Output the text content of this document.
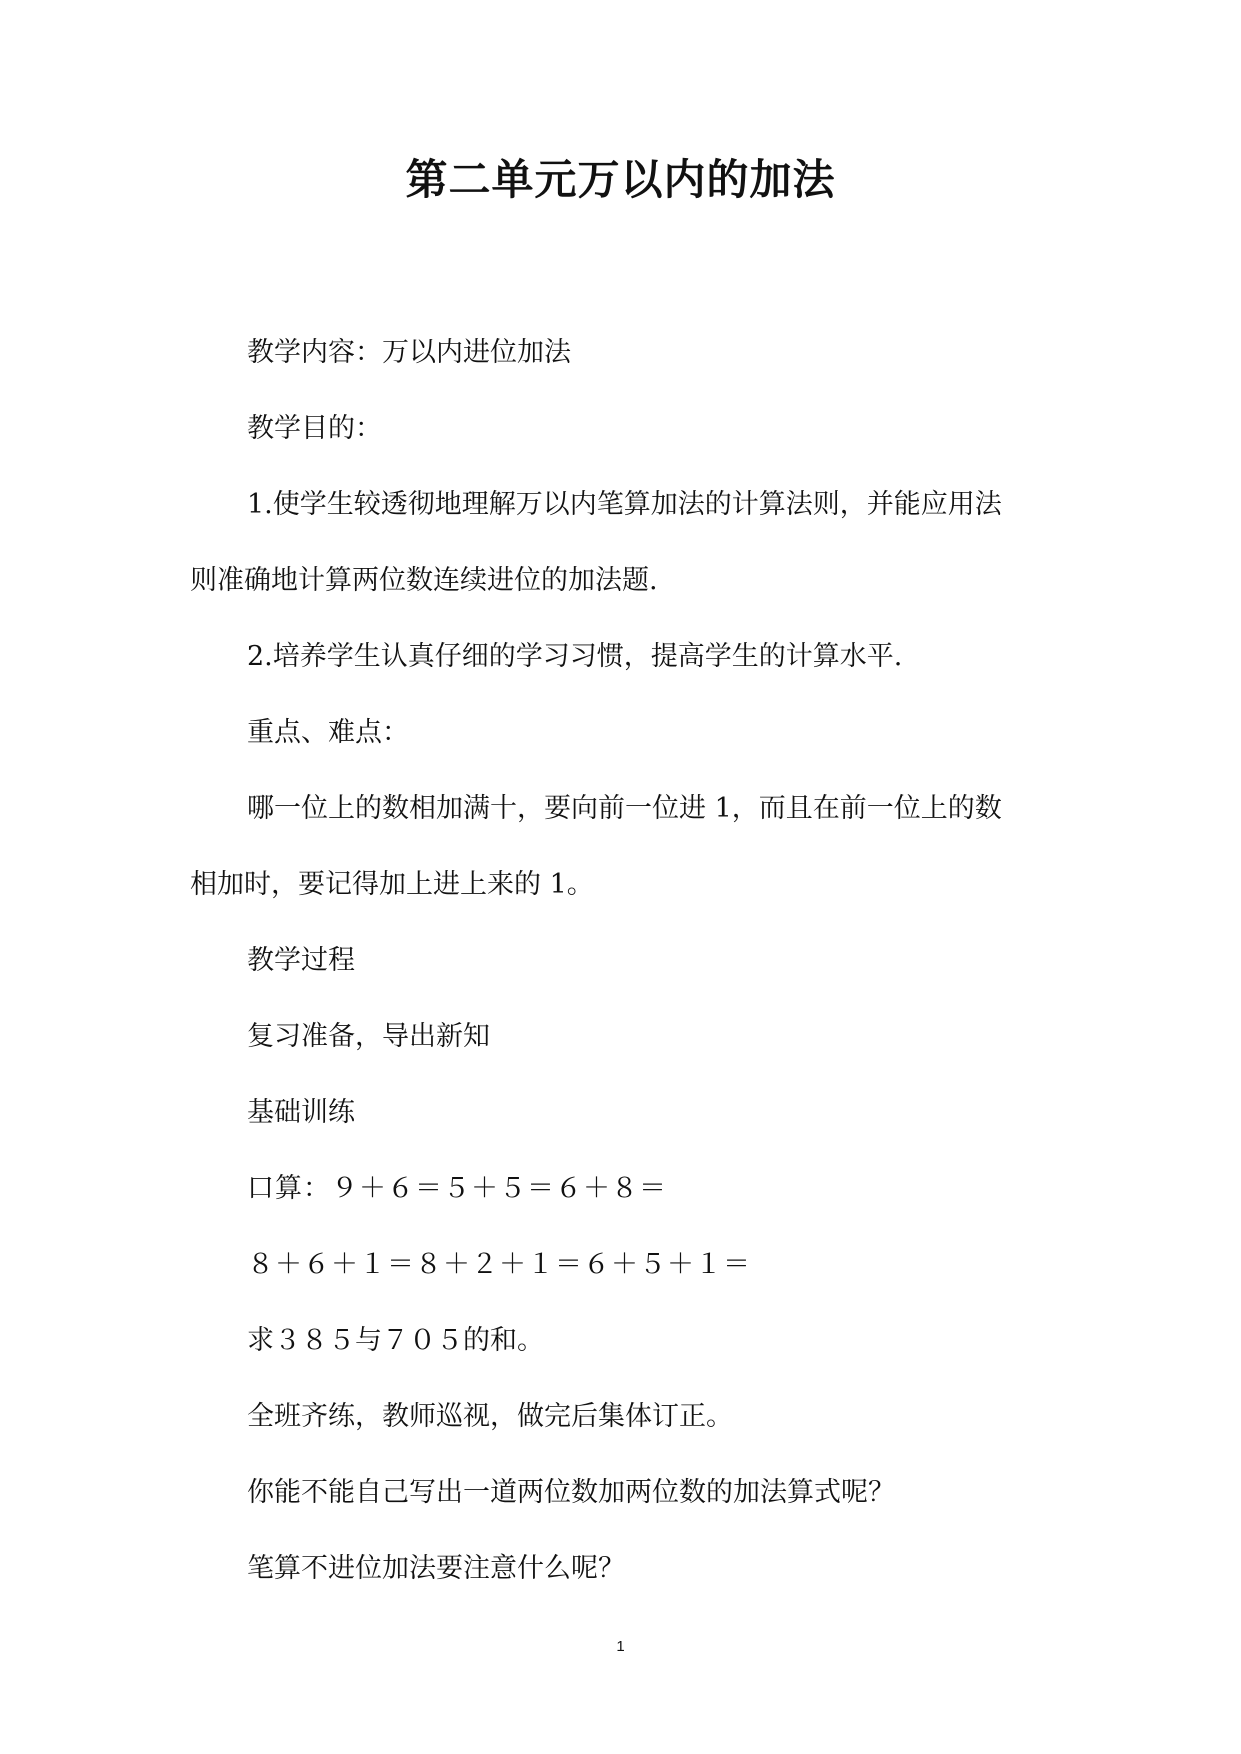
第二单元万以内的加法
教学内容：万以内进位加法
教学目的：
1.使学生较透彻地理解万以内笔算加法的计算法则，并能应用法
则准确地计算两位数连续进位的加法题.
2.培养学生认真仔细的学习习惯，提高学生的计算水平.
重点、难点：
哪一位上的数相加满十，要向前一位进 1，而且在前一位上的数
相加时，要记得加上进上来的 1。
教学过程
复习准备，导出新知
基础训练
口算：９＋６＝５＋５＝６＋８＝
８＋６＋１＝８＋２＋１＝６＋５＋１＝
求３８５与７０５的和。
全班齐练，教师巡视，做完后集体订正。
你能不能自己写出一道两位数加两位数的加法算式呢？
笔算不进位加法要注意什么呢？
1
